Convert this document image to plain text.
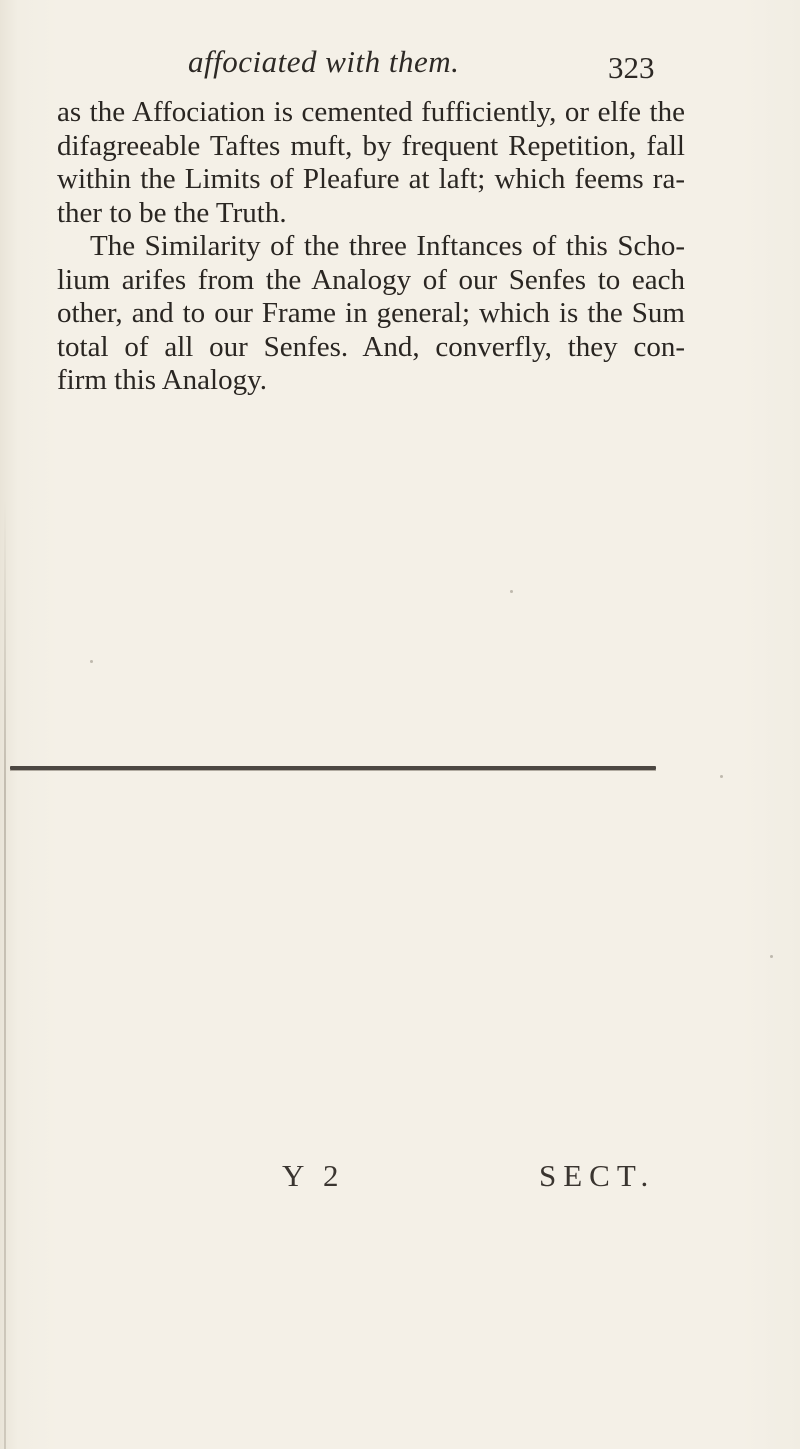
affociated with them.	323
as the Affociation is cemented fufficiently, or elfe the
difagreeable Taftes muft, by frequent Repetition, fall
within the Limits of Pleafure at laft; which feems ra-
ther to be the Truth.
The Similarity of the three Inftances of this Scho-
lium arifes from the Analogy of our Senfes to each
other, and to our Frame in general; which is the Sum
total of all our Senfes. And, converfly, they con-
firm this Analogy.
Y 2	SECT.
